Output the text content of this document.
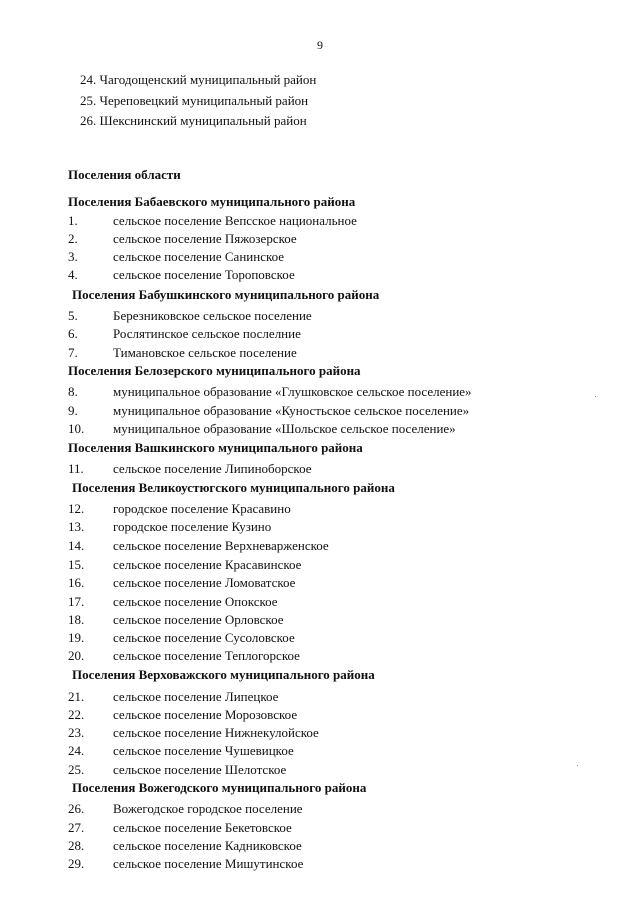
9
24. Чагодощенский муниципальный район
25. Череповецкий муниципальный район
26. Шекснинский муниципальный район
Поселения области
Поселения Бабаевского муниципального района
1.	сельское поселение Вепсское национальное
2.	сельское поселение Пяжозерское
3.	сельское поселение Санинское
4.	сельское поселение Тороповское
Поселения Бабушкинского муниципального района
5.	Березниковское сельское поселение
6.	Рослятинское сельское послелние
7.	Тимановское сельское поселение
Поселения Белозерского муниципального района
8.	муниципальное образование «Глушковское сельское поселение»
9.	муниципальное образование «Куностьское сельское поселение»
10. муниципальное образование «Шольское сельское поселение»
Поселения Вашкинского муниципального района
11. сельское поселение Липиноборское
Поселения Великоустюгского муниципального района
12. городское поселение Красавино
13. городское поселение Кузино
14. сельское поселение Верхневарженское
15. сельское поселение Красавинское
16. сельское поселение Ломоватское
17. сельское поселение Опокское
18. сельское поселение Орловское
19. сельское поселение Сусоловское
20. сельское поселение Теплогорское
Поселения Верховажского муниципального района
21. сельское поселение Липецкое
22. сельское поселение Морозовское
23. сельское поселение Нижнекулойское
24. сельское поселение Чушевицкое
25. сельское поселение Шелотское
Поселения Вожегодского муниципального района
26. Вожегодское городское поселение
27. сельское поселение Бекетовское
28. сельское поселение Кадниковское
29. сельское поселение Мишутинское
